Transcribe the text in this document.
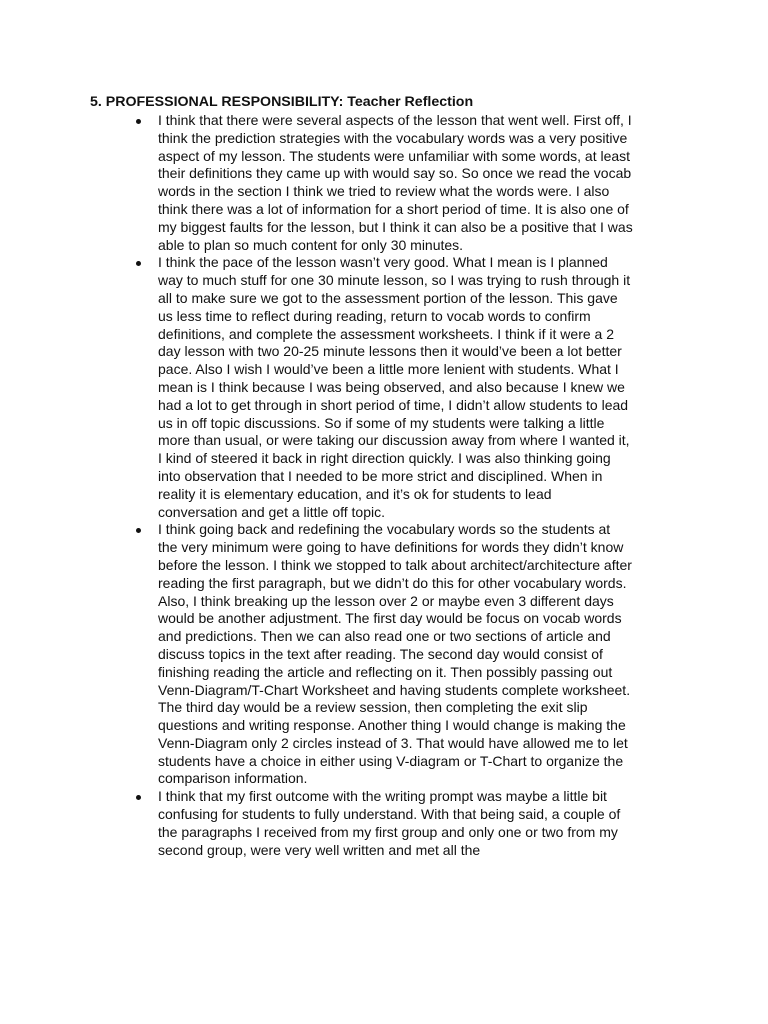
5. PROFESSIONAL RESPONSIBILITY: Teacher Reflection
I think that there were several aspects of the lesson that went well. First off, I think the prediction strategies with the vocabulary words was a very positive aspect of my lesson. The students were unfamiliar with some words, at least their definitions they came up with would say so. So once we read the vocab words in the section I think we tried to review what the words were. I also think there was a lot of information for a short period of time. It is also one of my biggest faults for the lesson, but I think it can also be a positive that I was able to plan so much content for only 30 minutes.
I think the pace of the lesson wasn’t very good. What I mean is I planned way to much stuff for one 30 minute lesson, so I was trying to rush through it all to make sure we got to the assessment portion of the lesson. This gave us less time to reflect during reading, return to vocab words to confirm definitions, and complete the assessment worksheets. I think if it were a 2 day lesson with two 20-25 minute lessons then it would’ve been a lot better pace. Also I wish I would’ve been a little more lenient with students. What I mean is I think because I was being observed, and also because I knew we had a lot to get through in short period of time, I didn’t allow students to lead us in off topic discussions. So if some of my students were talking a little more than usual, or were taking our discussion away from where I wanted it, I kind of steered it back in right direction quickly. I was also thinking going into observation that I needed to be more strict and disciplined. When in reality it is elementary education, and it’s ok for students to lead conversation and get a little off topic.
I think going back and redefining the vocabulary words so the students at the very minimum were going to have definitions for words they didn’t know before the lesson. I think we stopped to talk about architect/architecture after reading the first paragraph, but we didn’t do this for other vocabulary words. Also, I think breaking up the lesson over 2 or maybe even 3 different days would be another adjustment. The first day would be focus on vocab words and predictions. Then we can also read one or two sections of article and discuss topics in the text after reading. The second day would consist of finishing reading the article and reflecting on it. Then possibly passing out Venn-Diagram/T-Chart Worksheet and having students complete worksheet. The third day would be a review session, then completing the exit slip questions and writing response. Another thing I would change is making the Venn-Diagram only 2 circles instead of 3. That would have allowed me to let students have a choice in either using V-diagram or T-Chart to organize the comparison information.
I think that my first outcome with the writing prompt was maybe a little bit confusing for students to fully understand. With that being said, a couple of the paragraphs I received from my first group and only one or two from my second group, were very well written and met all the
